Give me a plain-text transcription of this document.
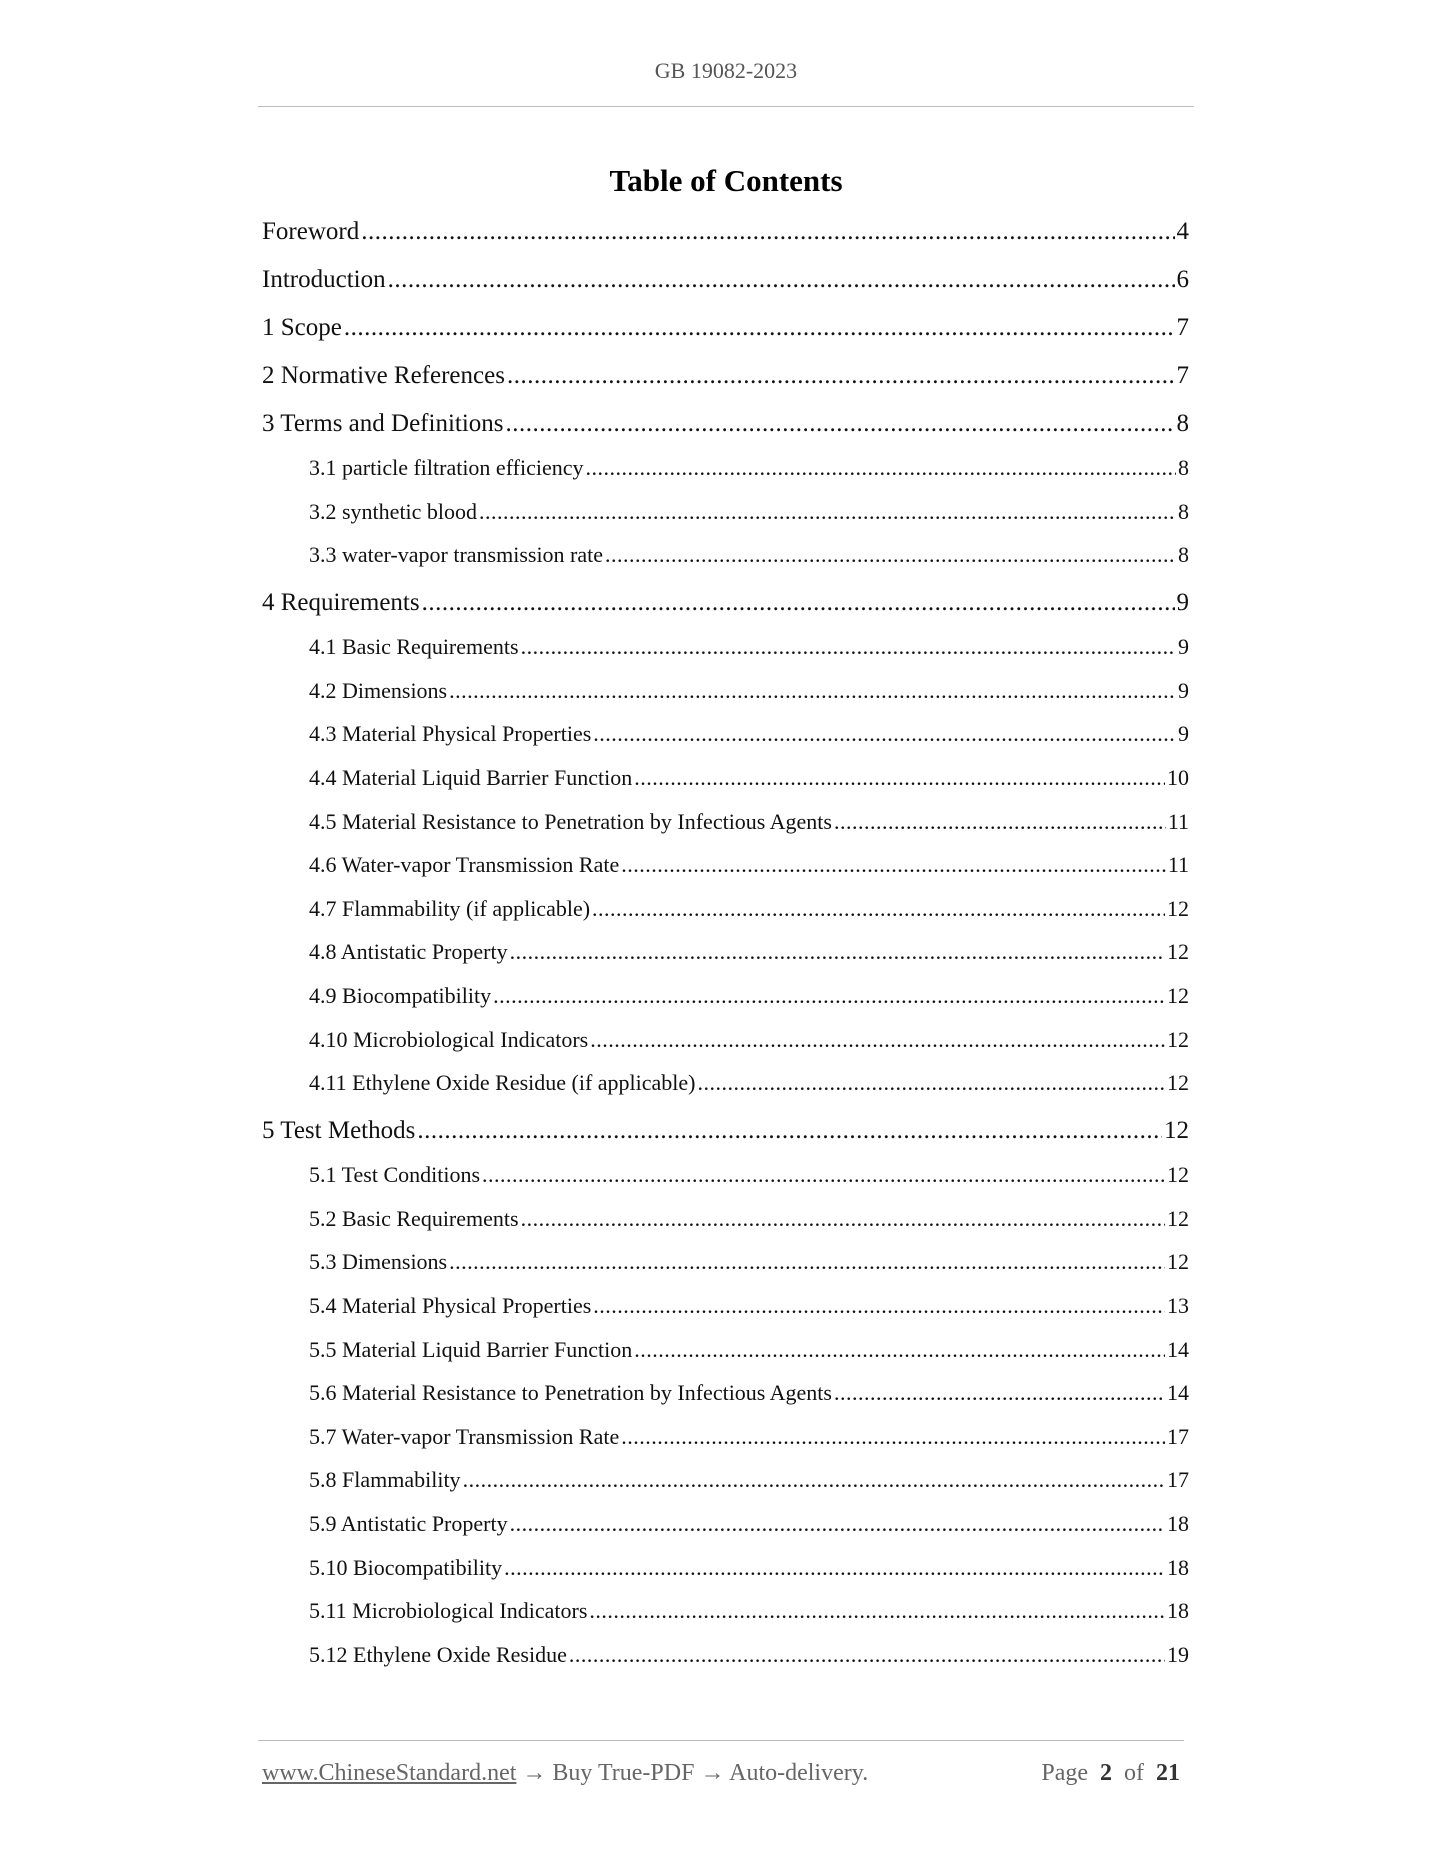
GB 19082-2023
Table of Contents
Foreword .....	4
Introduction .....	6
1 Scope .....	7
2 Normative References .....	7
3 Terms and Definitions .....	8
3.1 particle filtration efficiency .....	8
3.2 synthetic blood .....	8
3.3 water-vapor transmission rate .....	8
4 Requirements .....	9
4.1 Basic Requirements .....	9
4.2 Dimensions .....	9
4.3 Material Physical Properties .....	9
4.4 Material Liquid Barrier Function .....	10
4.5 Material Resistance to Penetration by Infectious Agents .....	11
4.6 Water-vapor Transmission Rate .....	11
4.7 Flammability (if applicable) .....	12
4.8 Antistatic Property .....	12
4.9 Biocompatibility .....	12
4.10 Microbiological Indicators .....	12
4.11 Ethylene Oxide Residue (if applicable) .....	12
5 Test Methods .....	12
5.1 Test Conditions .....	12
5.2 Basic Requirements .....	12
5.3 Dimensions .....	12
5.4 Material Physical Properties .....	13
5.5 Material Liquid Barrier Function .....	14
5.6 Material Resistance to Penetration by Infectious Agents .....	14
5.7 Water-vapor Transmission Rate .....	17
5.8 Flammability .....	17
5.9 Antistatic Property .....	18
5.10 Biocompatibility .....	18
5.11 Microbiological Indicators .....	18
5.12 Ethylene Oxide Residue .....	19
www.ChineseStandard.net → Buy True-PDF → Auto-delivery.	Page 2 of 21
